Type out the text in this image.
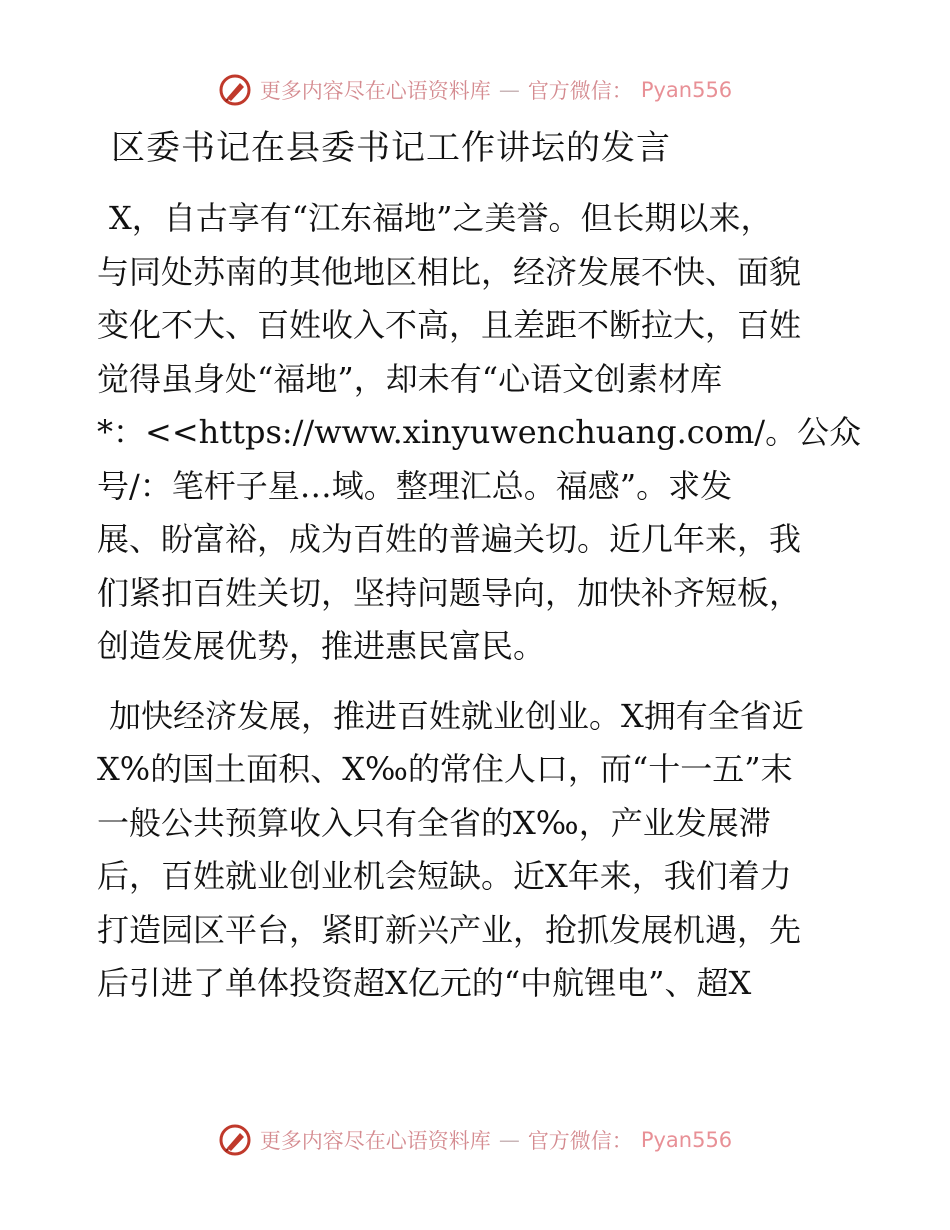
更多内容尽在心语资料库 — 官方微信： Pyan556
区委书记在县委书记工作讲坛的发言

X，自古享有“江东福地”之美誉。但长期以来，
与同处苏南的其他地区相比，经济发展不快、面貌
变化不大、百姓收入不高，且差距不断拉大，百姓
觉得虽身处“福地”，却未有“心语文创素材库
*：<<https://www.xinyuwenchuang.com/。公众
号/：笔杆子星…域。整理汇总。福感”。求发
展、盼富裕，成为百姓的普遍关切。近几年来，我
们紧扣百姓关切，坚持问题导向，加快补齐短板，
创造发展优势，推进惠民富民。

加快经济发展，推进百姓就业创业。X拥有全省近
X%的国土面积、X‰的常住人口，而“十一五”末
一般公共预算收入只有全省的X‰，产业发展滞
后，百姓就业创业机会短缺。近X年来，我们着力
打造园区平台，紧盯新兴产业，抢抓发展机遇，先
后引进了单体投资超X亿元的“中航锂电”、超X

更多内容尽在心语资料库 — 官方微信： Pyan556
